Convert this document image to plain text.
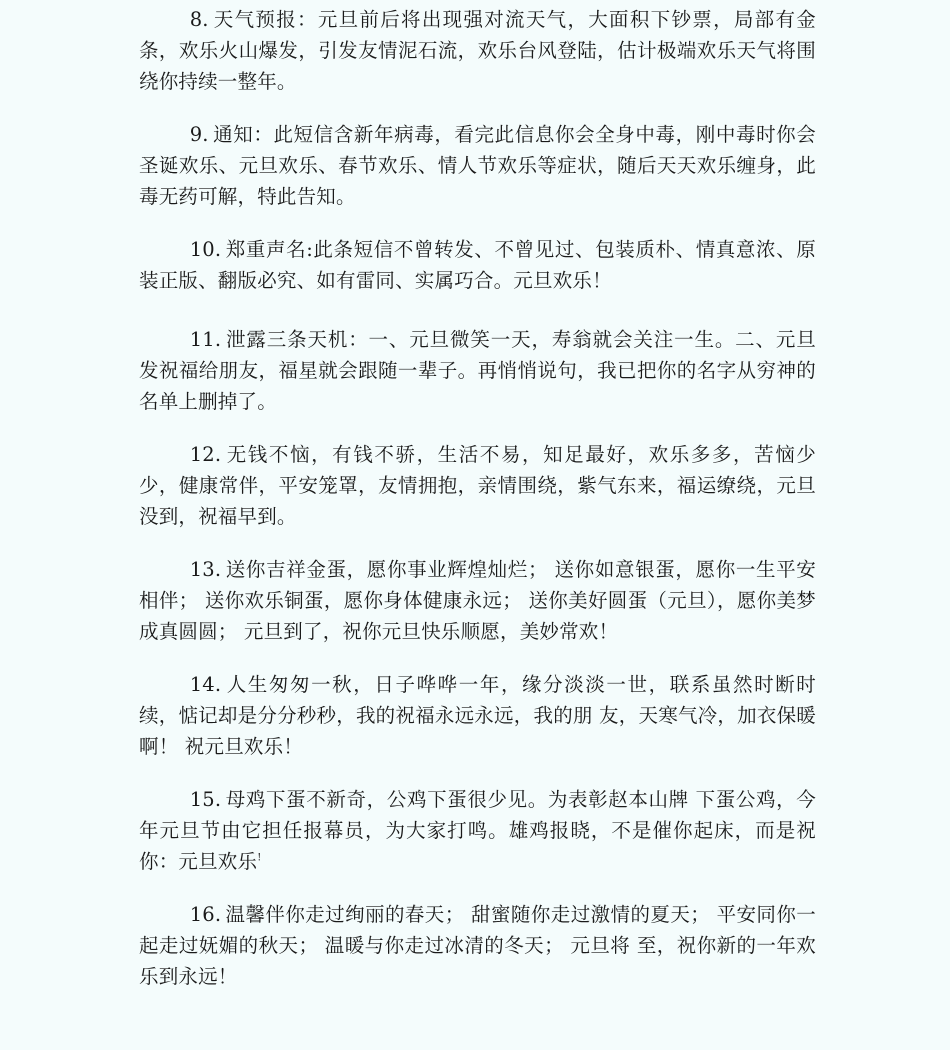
8. 天气预报：元旦前后将出现强对流天气，大面积下钞票，局部有金条，欢乐火山爆发，引发友情泥石流，欢乐台风登陆，估计极端欢乐天气将围绕你持续一整年。

9. 通知：此短信含新年病毒，看完此信息你会全身中毒，刚中毒时你会圣诞欢乐、元旦欢乐、春节欢乐、情人节欢乐等症状，随后天天欢乐缠身，此毒无药可解，特此告知。

10. 郑重声名:此条短信不曾转发、不曾见过、包装质朴、情真意浓、原装正版、翻版必究、如有雷同、实属巧合。元旦欢乐！

11. 泄露三条天机：一、元旦微笑一天，寿翁就会关注一生。二、元旦发祝福给朋友，福星就会跟随一辈子。再悄悄说句，我已把你的名字从穷神的名单上删掉了。

12. 无钱不恼，有钱不骄，生活不易，知足最好，欢乐多多，苦恼少少，健康常伴，平安笼罩，友情拥抱，亲情围绕，紫气东来，福运缭绕，元旦没到，祝福早到。

13. 送你吉祥金蛋，愿你事业辉煌灿烂； 送你如意银蛋，愿你一生平安相伴； 送你欢乐铜蛋，愿你身体健康永远； 送你美好圆蛋（元旦），愿你美梦成真圆圆； 元旦到了，祝你元旦快乐顺愿，美妙常欢！

14. 人生匆匆一秋，日子哗哗一年，缘分淡淡一世，联系虽然时断时续，惦记却是分分秒秒，我的祝福永远永远，我的朋 友，天寒气冷，加衣保暖啊！ 祝元旦欢乐！

15. 母鸡下蛋不新奇，公鸡下蛋很少见。为表彰赵本山牌 下蛋公鸡，今年元旦节由它担任报幕员，为大家打鸣。雄鸡报晓，不是催你起床，而是祝你：元旦欢乐!

16. 温馨伴你走过绚丽的春天； 甜蜜随你走过激情的夏天； 平安同你一起走过妩媚的秋天； 温暖与你走过冰清的冬天； 元旦将 至，祝你新的一年欢乐到永远！
